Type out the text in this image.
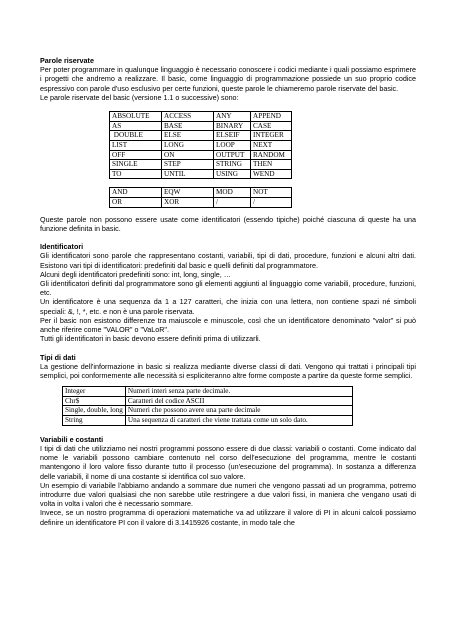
Parole riservate

Per poter programmare in qualunque linguaggio è necessario conoscere i codici mediante i quali possiamo esprimere i progetti che andremo a realizzare. Il basic, come linguaggio di programmazione possiede un suo proprio codice espressivo con parole d'uso esclusivo per certe funzioni, queste parole le chiameremo parole riservate del basic.

Le parole riservate del basic (versione 1.1 o successive) sono:

ABSOLUTE	ACCESS	ANY	APPEND
AS	BASE	BINARY	CASE
DOUBLE	ELSE	ELSEIF	INTEGER
LIST	LONG	LOOP	NEXT
OFF	ON	OUTPUT	RANDOM
SINGLE	STEP	STRING	THEN
TO	UNTIL	USING	WEND
AND	EQW	MOD	NOT
OR	XOR	/	/

Queste parole non possono essere usate come identificatori (essendo tipiche) poiché ciascuna di queste ha una funzione definita in basic.

Identificatori

Gli identificatori sono parole che rappresentano costanti, variabili, tipi di dati, procedure, funzioni e alcuni altri dati. Esistono vari tipi di identificatori: predefiniti dal basic e quelli definiti dal programmatore.

Alcuni degli identificatori predefiniti sono: int, long, single, …

Gli identificatori definiti dal programmatore sono gli elementi aggiunti al linguaggio come variabili, procedure, funzioni, etc.

Un identificatore è una sequenza da 1 a 127 caratteri, che inizia con una lettera, non contiene spazi né simboli speciali: &, !, *, etc. e non è una parole riservata.

Per il basic non esistono differenze tra maiuscole e minuscole, così che un identificatore denominato "valor" si può anche riferire come "VALOR" o "VaLoR".

Tutti gli identificatori in basic devono essere definiti prima di utilizzarli.

Tipi di dati

La gestione dell'informazione in basic si realizza mediante diverse classi di dati. Vengono qui trattati i principali tipi semplici, poi conformemente alle necessità si espliciteranno altre forme composte a partire da queste forme semplici.

Integer	Numeri interi senza parte decimale.
Chr$	Caratteri del codice ASCII
Single, double, long	Numeri che possono avere una parte decimale
String	Una sequenza di caratteri che viene trattata come un solo dato.
Variabili e costanti

I tipi di dati che utilizziamo nei nostri programmi possono essere di due classi: variabili o costanti. Come indicato dal nome le variabili possono cambiare contenuto nel corso dell'esecuzione del programma, mentre le costanti mantengono il loro valore fisso durante tutto il processo (un'esecuzione del programma). In sostanza a differenza delle variabili, il nome di una costante si identifica col suo valore.

Un esempio di variabile l'abbiamo andando a sommare due numeri che vengono passati ad un programma, potremo introdurre due valori qualsiasi che non sarebbe utile restringere a due valori fissi, in maniera che vengano usati di volta in volta i valori che è necessario sommare.

Invece, se un nostro programma di operazioni matematiche va ad utilizzare il valore di PI in alcuni calcoli possiamo definire un identificatore PI con il valore di 3.1415926 costante, in modo tale che
